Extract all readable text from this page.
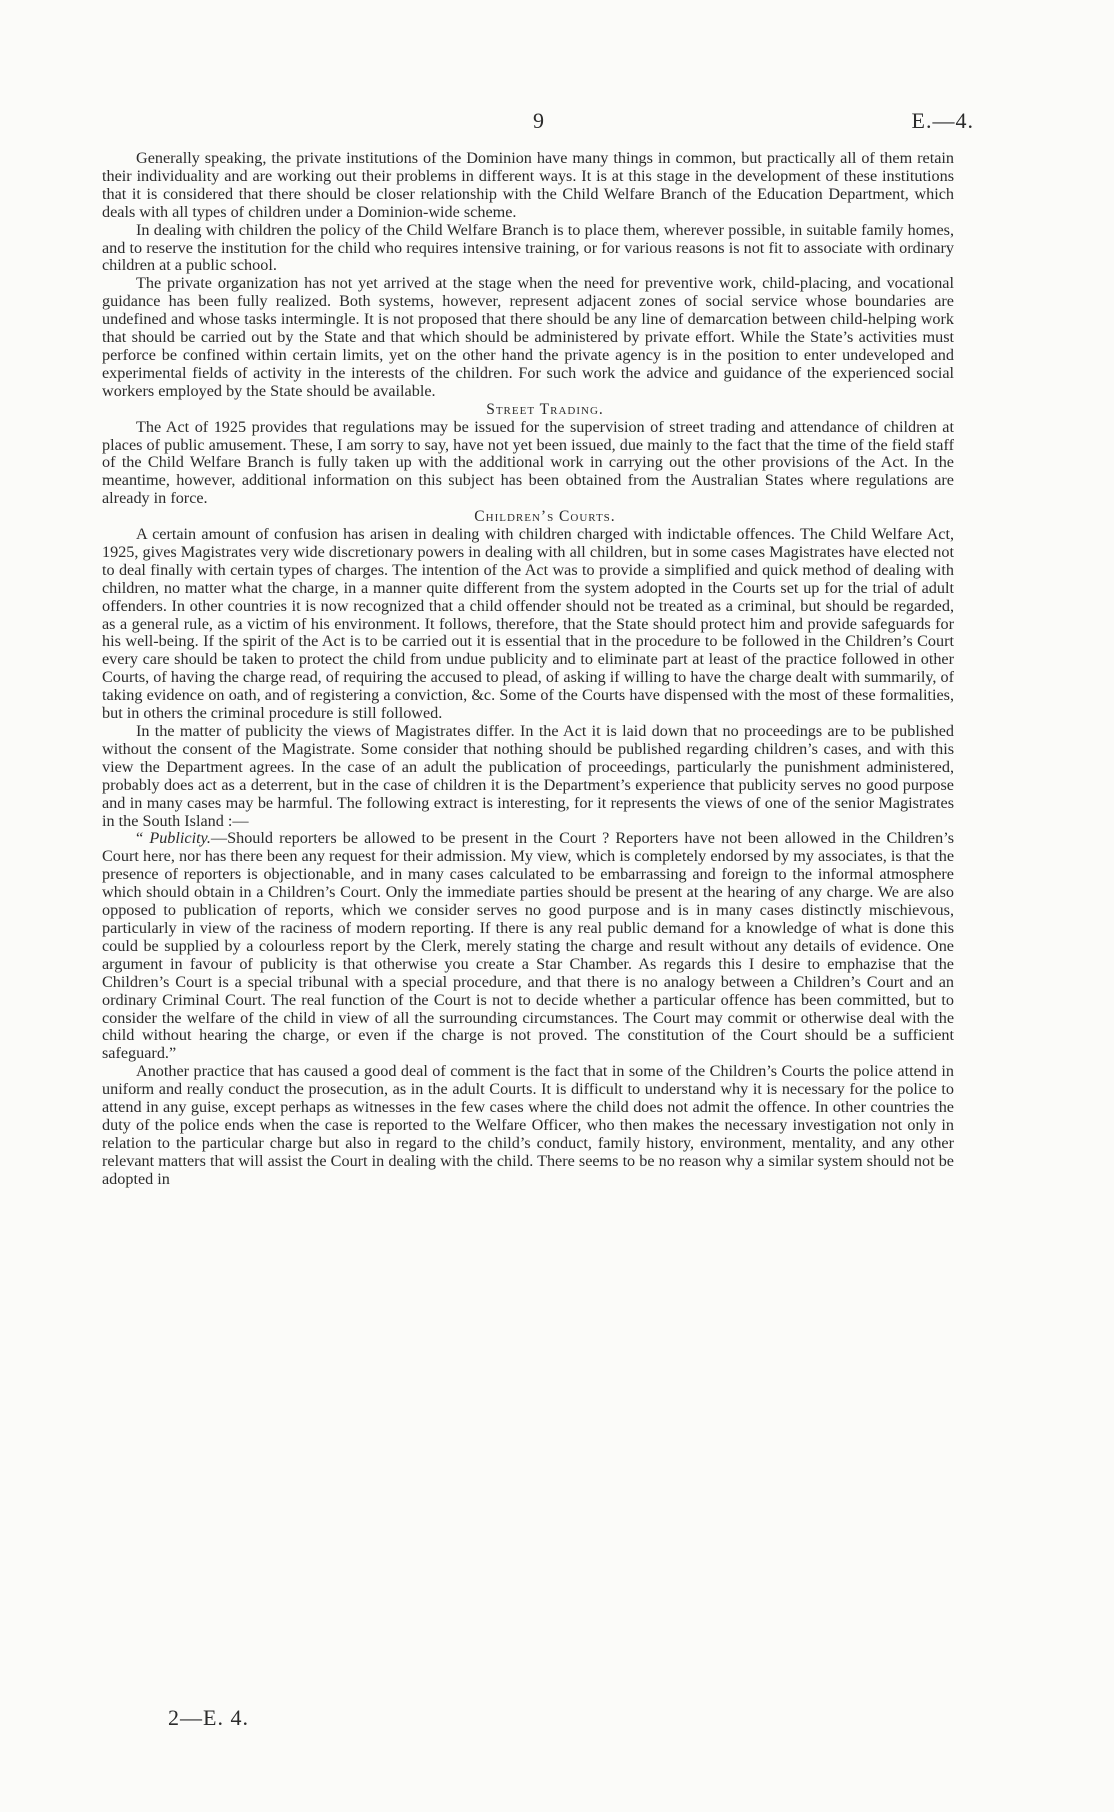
9	E.—4.

Generally speaking, the private institutions of the Dominion have many things in common, but practically all of them retain their individuality and are working out their problems in different ways. It is at this stage in the development of these institutions that it is considered that there should be closer relationship with the Child Welfare Branch of the Education Department, which deals with all types of children under a Dominion-wide scheme.

In dealing with children the policy of the Child Welfare Branch is to place them, wherever possible, in suitable family homes, and to reserve the institution for the child who requires intensive training, or for various reasons is not fit to associate with ordinary children at a public school.

The private organization has not yet arrived at the stage when the need for preventive work, child-placing, and vocational guidance has been fully realized. Both systems, however, represent adjacent zones of social service whose boundaries are undefined and whose tasks intermingle. It is not proposed that there should be any line of demarcation between child-helping work that should be carried out by the State and that which should be administered by private effort. While the State’s activities must perforce be confined within certain limits, yet on the other hand the private agency is in the position to enter undeveloped and experimental fields of activity in the interests of the children. For such work the advice and guidance of the experienced social workers employed by the State should be available.

Street Trading.

The Act of 1925 provides that regulations may be issued for the supervision of street trading and attendance of children at places of public amusement. These, I am sorry to say, have not yet been issued, due mainly to the fact that the time of the field staff of the Child Welfare Branch is fully taken up with the additional work in carrying out the other provisions of the Act. In the meantime, however, additional information on this subject has been obtained from the Australian States where regulations are already in force.

Children’s Courts.

A certain amount of confusion has arisen in dealing with children charged with indictable offences. The Child Welfare Act, 1925, gives Magistrates very wide discretionary powers in dealing with all children, but in some cases Magistrates have elected not to deal finally with certain types of charges. The intention of the Act was to provide a simplified and quick method of dealing with children, no matter what the charge, in a manner quite different from the system adopted in the Courts set up for the trial of adult offenders. In other countries it is now recognized that a child offender should not be treated as a criminal, but should be regarded, as a general rule, as a victim of his environment. It follows, therefore, that the State should protect him and provide safeguards for his well-being. If the spirit of the Act is to be carried out it is essential that in the procedure to be followed in the Children’s Court every care should be taken to protect the child from undue publicity and to eliminate part at least of the practice followed in other Courts, of having the charge read, of requiring the accused to plead, of asking if willing to have the charge dealt with summarily, of taking evidence on oath, and of registering a conviction, &c. Some of the Courts have dispensed with the most of these formalities, but in others the criminal procedure is still followed.

In the matter of publicity the views of Magistrates differ. In the Act it is laid down that no proceedings are to be published without the consent of the Magistrate. Some consider that nothing should be published regarding children’s cases, and with this view the Department agrees. In the case of an adult the publication of proceedings, particularly the punishment administered, probably does act as a deterrent, but in the case of children it is the Department’s experience that publicity serves no good purpose and in many cases may be harmful. The following extract is interesting, for it represents the views of one of the senior Magistrates in the South Island :—

“ Publicity.—Should reporters be allowed to be present in the Court ? Reporters have not been allowed in the Children’s Court here, nor has there been any request for their admission. My view, which is completely endorsed by my associates, is that the presence of reporters is objectionable, and in many cases calculated to be embarrassing and foreign to the informal atmosphere which should obtain in a Children’s Court. Only the immediate parties should be present at the hearing of any charge. We are also opposed to publication of reports, which we consider serves no good purpose and is in many cases distinctly mischievous, particularly in view of the raciness of modern reporting. If there is any real public demand for a knowledge of what is done this could be supplied by a colourless report by the Clerk, merely stating the charge and result without any details of evidence. One argument in favour of publicity is that otherwise you create a Star Chamber. As regards this I desire to emphazise that the Children’s Court is a special tribunal with a special procedure, and that there is no analogy between a Children’s Court and an ordinary Criminal Court. The real function of the Court is not to decide whether a particular offence has been committed, but to consider the welfare of the child in view of all the surrounding circumstances. The Court may commit or otherwise deal with the child without hearing the charge, or even if the charge is not proved. The constitution of the Court should be a sufficient safeguard.”

Another practice that has caused a good deal of comment is the fact that in some of the Children’s Courts the police attend in uniform and really conduct the prosecution, as in the adult Courts. It is difficult to understand why it is necessary for the police to attend in any guise, except perhaps as witnesses in the few cases where the child does not admit the offence. In other countries the duty of the police ends when the case is reported to the Welfare Officer, who then makes the necessary investigation not only in relation to the particular charge but also in regard to the child’s conduct, family history, environment, mentality, and any other relevant matters that will assist the Court in dealing with the child. There seems to be no reason why a similar system should not be adopted in

2—E. 4.
